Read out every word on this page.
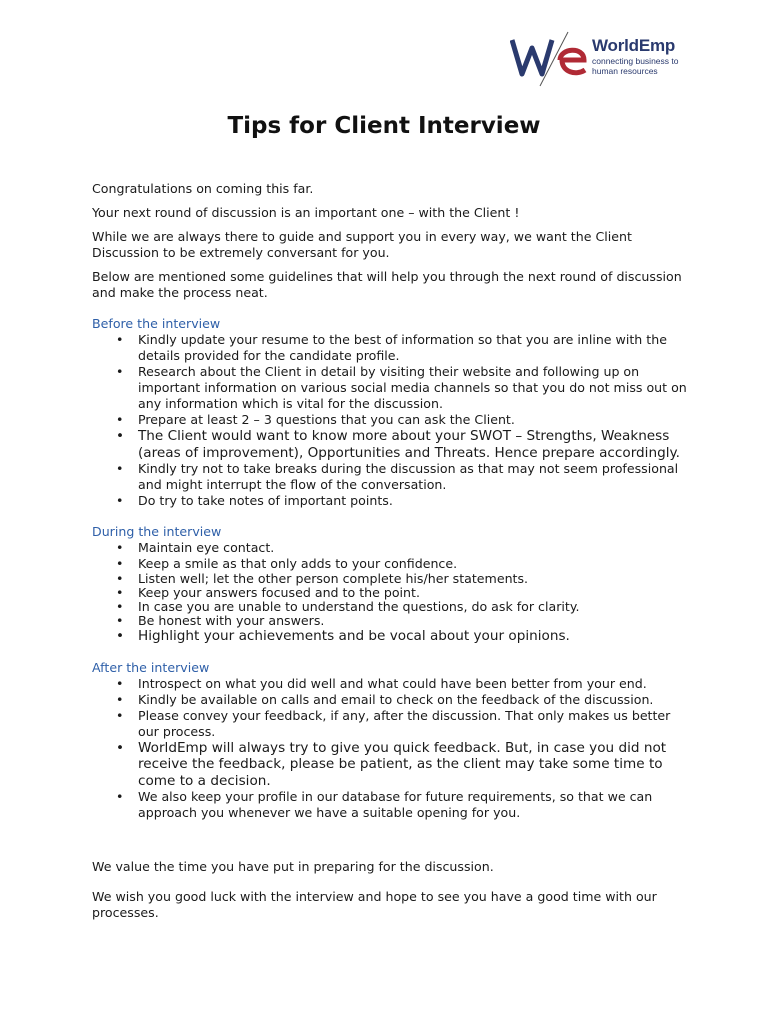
WorldEmp
connecting business to human resources
Tips for Client Interview

Congratulations on coming this far.

Your next round of discussion is an important one – with the Client !

While we are always there to guide and support you in every way, we want the Client Discussion to be extremely conversant for you.

Below are mentioned some guidelines that will help you through the next round of discussion and make the process neat.

Before the interview
• Kindly update your resume to the best of information so that you are inline with the details provided for the candidate profile.
• Research about the Client in detail by visiting their website and following up on important information on various social media channels so that you do not miss out on any information which is vital for the discussion.
• Prepare at least 2 – 3 questions that you can ask the Client.
• The Client would want to know more about your SWOT – Strengths, Weakness (areas of improvement), Opportunities and Threats. Hence prepare accordingly.
• Kindly try not to take breaks during the discussion as that may not seem professional and might interrupt the flow of the conversation.
• Do try to take notes of important points.
During the interview
• Maintain eye contact.
• Keep a smile as that only adds to your confidence.
• Listen well; let the other person complete his/her statements.
• Keep your answers focused and to the point.
• In case you are unable to understand the questions, do ask for clarity.
• Be honest with your answers.
• Highlight your achievements and be vocal about your opinions.
After the interview
• Introspect on what you did well and what could have been better from your end.
• Kindly be available on calls and email to check on the feedback of the discussion.
• Please convey your feedback, if any, after the discussion. That only makes us better our process.
• WorldEmp will always try to give you quick feedback. But, in case you did not receive the feedback, please be patient, as the client may take some time to come to a decision.
• We also keep your profile in our database for future requirements, so that we can approach you whenever we have a suitable opening for you.

We value the time you have put in preparing for the discussion.

We wish you good luck with the interview and hope to see you have a good time with our processes.
